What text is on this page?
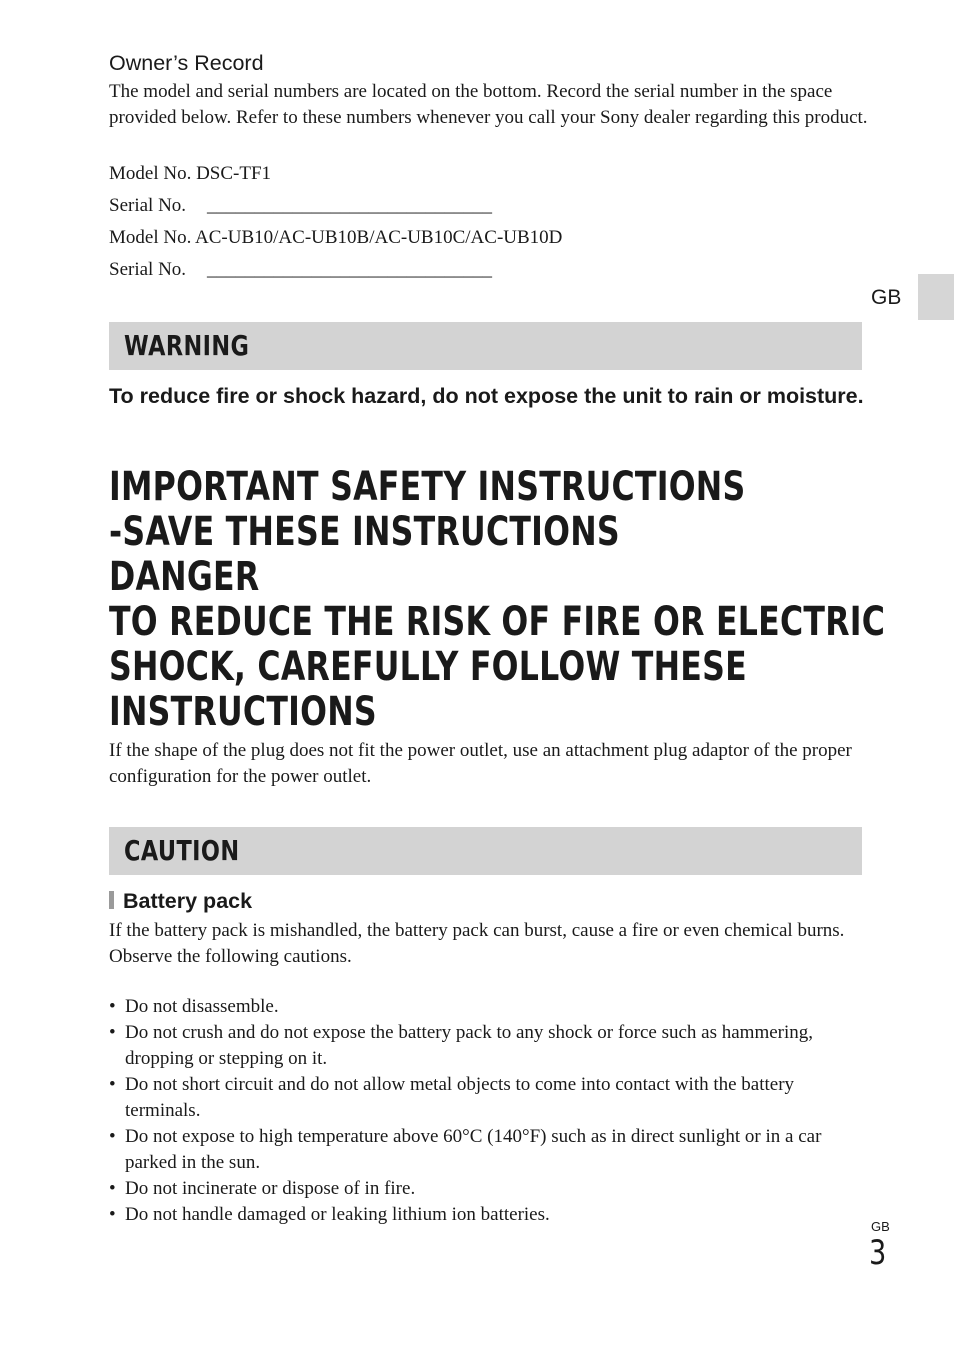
Owner’s Record

The model and serial numbers are located on the bottom. Record the serial number in the space provided below. Refer to these numbers whenever you call your Sony dealer regarding this product.

Model No. DSC-TF1
Serial No. ______________________________
Model No. AC-UB10/AC-UB10B/AC-UB10C/AC-UB10D
Serial No. ______________________________
GB
WARNING

To reduce fire or shock hazard, do not expose the unit to rain or moisture.

IMPORTANT SAFETY INSTRUCTIONS
-SAVE THESE INSTRUCTIONS
DANGER
TO REDUCE THE RISK OF FIRE OR ELECTRIC
SHOCK, CAREFULLY FOLLOW THESE
INSTRUCTIONS

If the shape of the plug does not fit the power outlet, use an attachment plug adaptor of the proper configuration for the power outlet.

CAUTION
Battery pack

If the battery pack is mishandled, the battery pack can burst, cause a fire or even chemical burns. Observe the following cautions.

• Do not disassemble.
• Do not crush and do not expose the battery pack to any shock or force such as hammering, dropping or stepping on it.
• Do not short circuit and do not allow metal objects to come into contact with the battery terminals.
• Do not expose to high temperature above 60°C (140°F) such as in direct sunlight or in a car parked in the sun.
• Do not incinerate or dispose of in fire.
• Do not handle damaged or leaking lithium ion batteries.
GB
3
